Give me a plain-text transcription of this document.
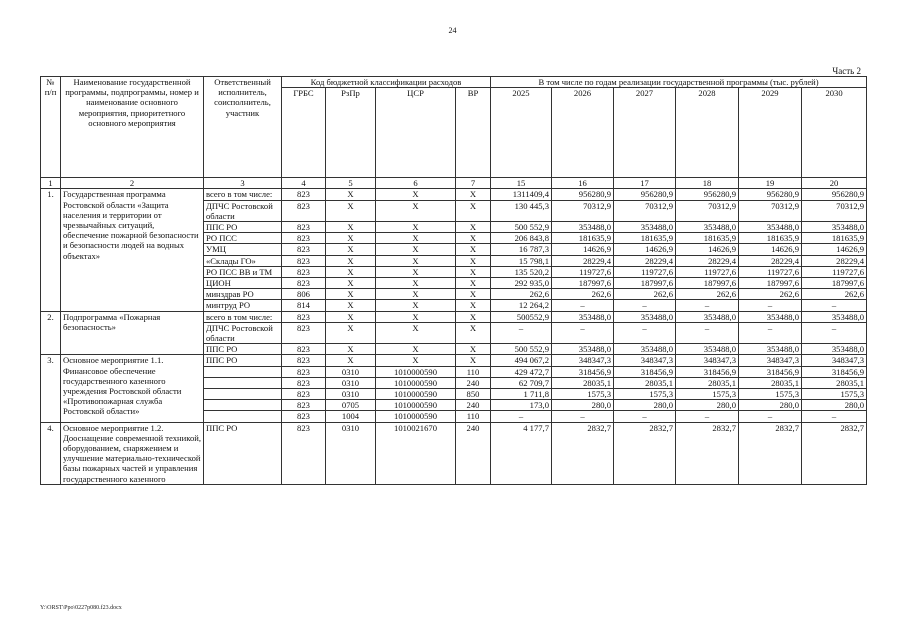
24
Часть 2
№ п/п	Наименование государственной программы, подпрограммы, номер и наименование основного мероприятия, приоритетного основного мероприятия	Ответственный исполнитель, соисполнитель, участник	Код бюджетной классификации расходов				В том числе по годам реализации государственной программы (тыс. рублей)					
			ГРБС	РзПр	ЦСР	ВР	2025	2026	2027	2028	2029	2030
1	2	3	4	5	6	7	15	16	17	18	19	20
1.	Государственная программа Ростовской области «Защита населения и территории от чрезвычайных ситуаций, обеспечение пожарной безопасности и безопасности людей на водных объектах»	всего в том числе:	823	X	X	X	1311409,4	956280,9	956280,9	956280,9	956280,9	956280,9
		ДПЧС Ростовской области	823	X	X	X	130 445,3	70312,9	70312,9	70312,9	70312,9	70312,9
		ППС РО	823	X	X	X	500 552,9	353488,0	353488,0	353488,0	353488,0	353488,0
		РО ПСС	823	X	X	X	206 843,8	181635,9	181635,9	181635,9	181635,9	181635,9
		УМЦ	823	X	X	X	16 787,3	14626,9	14626,9	14626,9	14626,9	14626,9
		«Склады ГО»	823	X	X	X	15 798,1	28229,4	28229,4	28229,4	28229,4	28229,4
		РО ПСС ВВ и ТМ	823	X	X	X	135 520,2	119727,6	119727,6	119727,6	119727,6	119727,6
		ЦИОН	823	X	X	X	292 935,0	187997,6	187997,6	187997,6	187997,6	187997,6
		минздрав РО	806	X	X	X	262,6	262,6	262,6	262,6	262,6	262,6
		минтруд РО	814	X	X	X	12 264,2	–	–	–	–	–
2.	Подпрограмма «Пожарная безопасность»	всего в том числе:	823	X	X	X	500552,9	353488,0	353488,0	353488,0	353488,0	353488,0
		ДПЧС Ростовской области	823	X	X	X	–	–	–	–	–	–
		ППС РО	823	X	X	X	500 552,9	353488,0	353488,0	353488,0	353488,0	353488,0
3.	Основное мероприятие 1.1. Финансовое обеспечение государственного казенного учреждения Ростовской области «Противопожарная служба Ростовской области»	ППС РО	823	X	X	X	494 067,2	348347,3	348347,3	348347,3	348347,3	348347,3
			823	0310	1010000590	110	429 472,7	318456,9	318456,9	318456,9	318456,9	318456,9
			823	0310	1010000590	240	62 709,7	28035,1	28035,1	28035,1	28035,1	28035,1
			823	0310	1010000590	850	1 711,8	1575,3	1575,3	1575,3	1575,3	1575,3
			823	0705	1010000590	240	173,0	280,0	280,0	280,0	280,0	280,0
			823	1004	1010000590	110	–	–	–	–	–	–
4.	Основное мероприятие 1.2. Дооснащение современной техникой, оборудованием, снаряжением и улучшение материально-технической базы пожарных частей и управления государственного казенного	ППС РО	823	0310	1010021670	240	4 177,7	2832,7	2832,7	2832,7	2832,7	2832,7
Y:\ORST\Ppo\0227p080.f23.docx
